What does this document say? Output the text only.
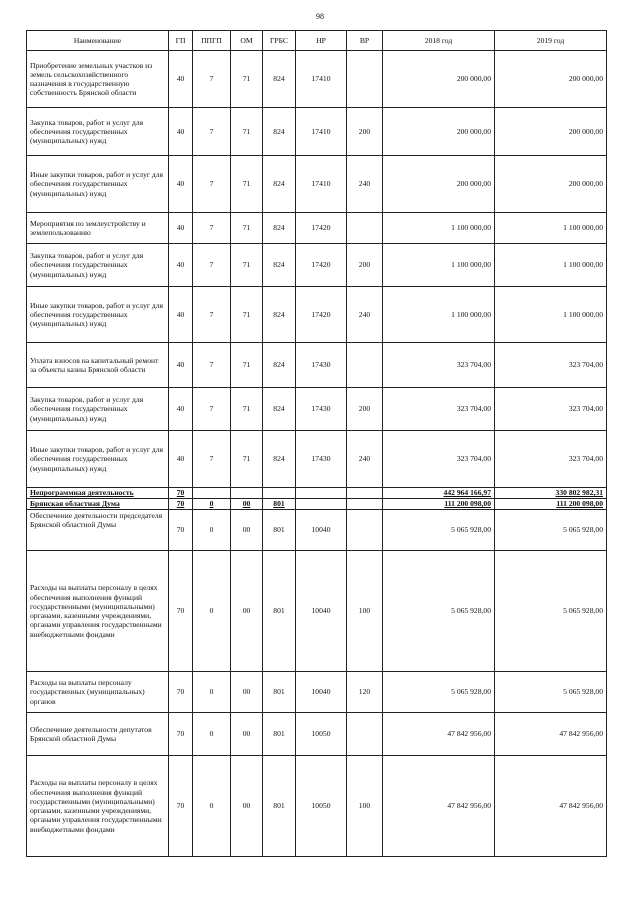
98
Наименование	ГП	ППГП	ОМ	ГРБС	НР	ВР	2018 год	2019 год
Приобретение земельных участков из земель сельскохозяйственного назначения в государственную собственность Брянской области	40	7	71	824	17410		200 000,00	200 000,00
Закупка товаров, работ и услуг для обеспечения государственных (муниципальных) нужд	40	7	71	824	17410	200	200 000,00	200 000,00
Иные закупки товаров, работ и услуг для обеспечения государственных (муниципальных) нужд	40	7	71	824	17410	240	200 000,00	200 000,00
Мероприятия по землеустройству и землепользованию	40	7	71	824	17420		1 100 000,00	1 100 000,00
Закупка товаров, работ и услуг для обеспечения государственных (муниципальных) нужд	40	7	71	824	17420	200	1 100 000,00	1 100 000,00
Иные закупки товаров, работ и услуг для обеспечения государственных (муниципальных) нужд	40	7	71	824	17420	240	1 100 000,00	1 100 000,00
Уплата взносов на капитальный ремонт за объекты казны Брянской области	40	7	71	824	17430		323 704,00	323 704,00
Закупка товаров, работ и услуг для обеспечения государственных (муниципальных) нужд	40	7	71	824	17430	200	323 704,00	323 704,00
Иные закупки товаров, работ и услуг для обеспечения государственных (муниципальных) нужд	40	7	71	824	17430	240	323 704,00	323 704,00
Непрограммная деятельность	70						442 964 166,97	330 802 982,31
Брянская областная Дума	70	0	00	801			111 200 098,00	111 200 098,00
Обеспечение деятельности председателя Брянской областной Думы	70	0	00	801	10040		5 065 928,00	5 065 928,00
Расходы на выплаты персоналу в целях обеспечения выполнения функций государственными (муниципальными) органами, казенными учреждениями, органами управления государственными внебюджетными фондами	70	0	00	801	10040	100	5 065 928,00	5 065 928,00
Расходы на выплаты персоналу государственных (муниципальных) органов	70	0	00	801	10040	120	5 065 928,00	5 065 928,00
Обеспечение деятельности депутатов Брянской областной Думы	70	0	00	801	10050		47 842 956,00	47 842 956,00
Расходы на выплаты персоналу в целях обеспечения выполнения функций государственными (муниципальными) органами, казенными учреждениями, органами управления государственными внебюджетными фондами	70	0	00	801	10050	100	47 842 956,00	47 842 956,00
